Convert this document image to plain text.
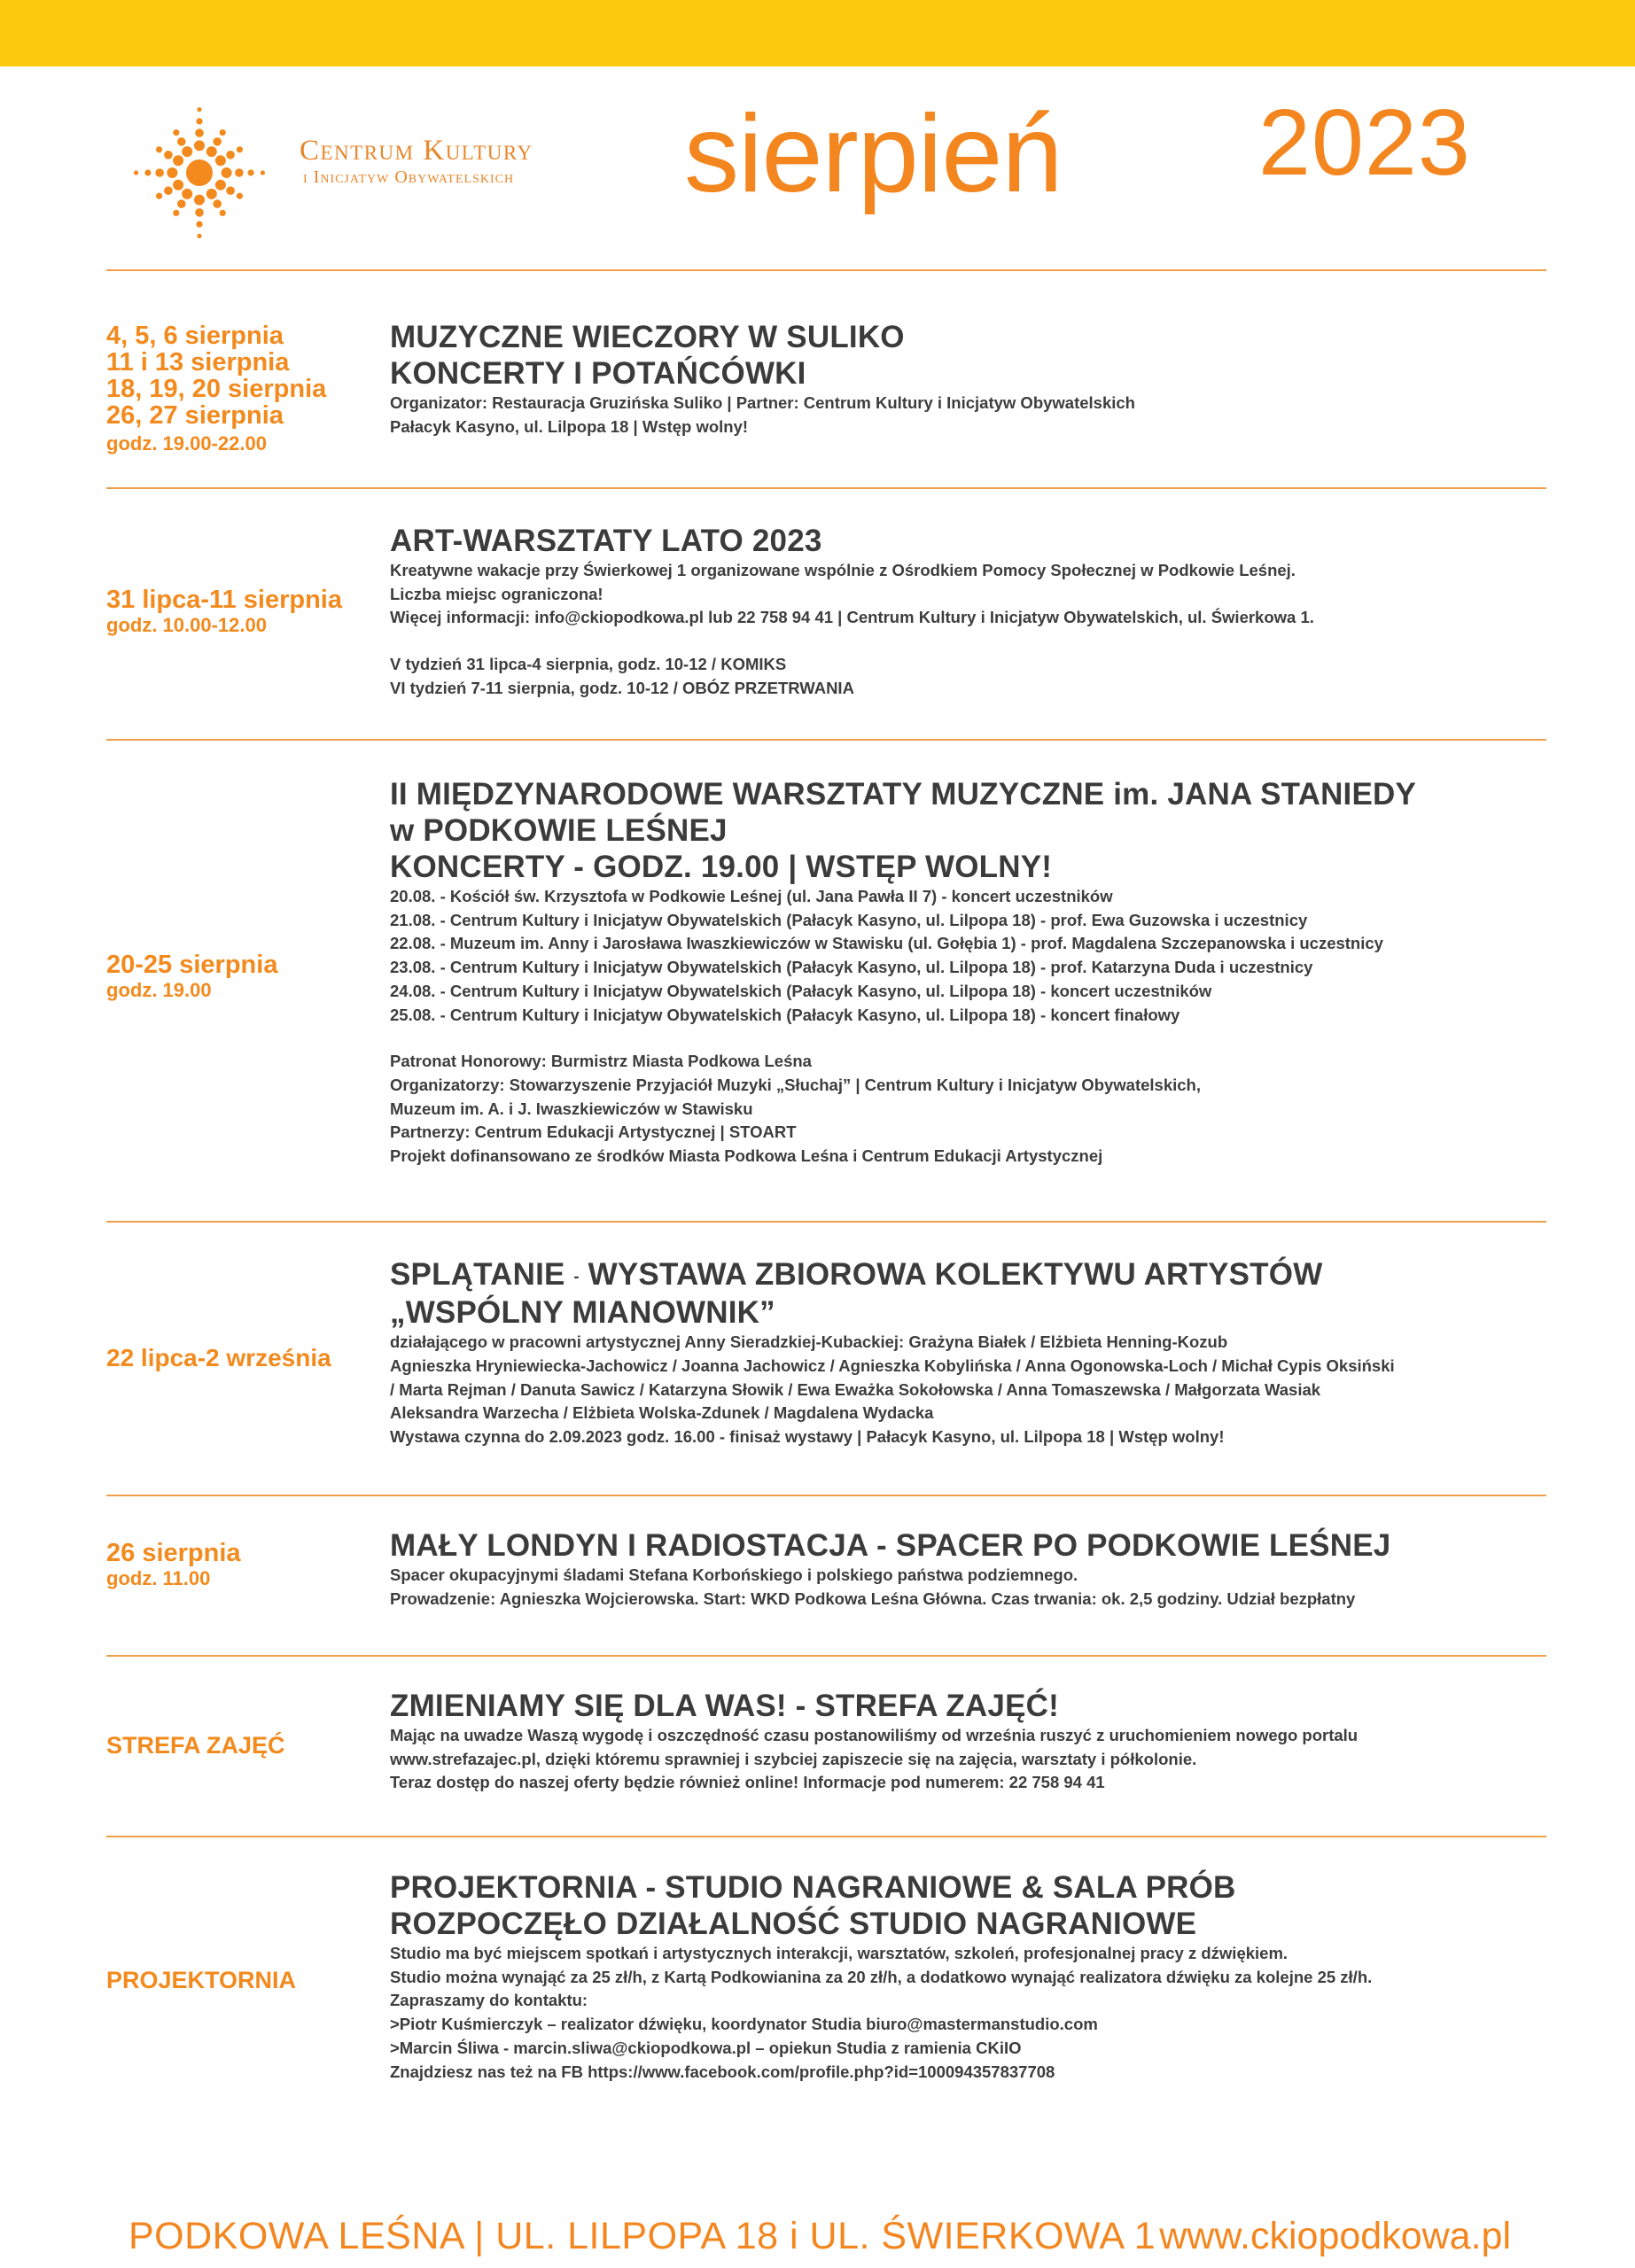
Centrum Kultury
i Inicjatyw Obywatelskich sierpień 2023
4, 5, 6 sierpnia
11 i 13 sierpnia
18, 19, 20 sierpnia
26, 27 sierpnia
godz. 19.00-22.00
MUZYCZNE WIECZORY W SULIKO
KONCERTY I POTAŃCÓWKI
Organizator: Restauracja Gruzińska Suliko | Partner: Centrum Kultury i Inicjatyw Obywatelskich
Pałacyk Kasyno, ul. Lilpopa 18 | Wstęp wolny!
31 lipca-11 sierpnia
godz. 10.00-12.00
ART-WARSZTATY LATO 2023
Kreatywne wakacje przy Świerkowej 1 organizowane wspólnie z Ośrodkiem Pomocy Społecznej w Podkowie Leśnej.
Liczba miejsc ograniczona!
Więcej informacji: info@ckiopodkowa.pl lub 22 758 94 41 | Centrum Kultury i Inicjatyw Obywatelskich, ul. Świerkowa 1.
V tydzień 31 lipca-4 sierpnia, godz. 10-12 / KOMIKS
VI tydzień 7-11 sierpnia, godz. 10-12 / OBÓZ PRZETRWANIA
20-25 sierpnia
godz. 19.00
II MIĘDZYNARODOWE WARSZTATY MUZYCZNE im. JANA STANIEDY
w PODKOWIE LEŚNEJ
KONCERTY - GODZ. 19.00 | WSTĘP WOLNY!
20.08. - Kościół św. Krzysztofa w Podkowie Leśnej (ul. Jana Pawła II 7) - koncert uczestników
21.08. - Centrum Kultury i Inicjatyw Obywatelskich (Pałacyk Kasyno, ul. Lilpopa 18) - prof. Ewa Guzowska i uczestnicy
22.08. - Muzeum im. Anny i Jarosława Iwaszkiewiczów w Stawisku (ul. Gołębia 1) - prof. Magdalena Szczepanowska i uczestnicy
23.08. - Centrum Kultury i Inicjatyw Obywatelskich (Pałacyk Kasyno, ul. Lilpopa 18) - prof. Katarzyna Duda i uczestnicy
24.08. - Centrum Kultury i Inicjatyw Obywatelskich (Pałacyk Kasyno, ul. Lilpopa 18) - koncert uczestników
25.08. - Centrum Kultury i Inicjatyw Obywatelskich (Pałacyk Kasyno, ul. Lilpopa 18) - koncert finałowy
Patronat Honorowy: Burmistrz Miasta Podkowa Leśna
Organizatorzy: Stowarzyszenie Przyjaciół Muzyki „Słuchaj” | Centrum Kultury i Inicjatyw Obywatelskich,
Muzeum im. A. i J. Iwaszkiewiczów w Stawisku
Partnerzy: Centrum Edukacji Artystycznej | STOART
Projekt dofinansowano ze środków Miasta Podkowa Leśna i Centrum Edukacji Artystycznej
22 lipca-2 września
SPLĄTANIE - WYSTAWA ZBIOROWA KOLEKTYWU ARTYSTÓW
„WSPÓLNY MIANOWNIK”
działającego w pracowni artystycznej Anny Sieradzkiej-Kubackiej: Grażyna Białek / Elżbieta Henning-Kozub
Agnieszka Hryniewiecka-Jachowicz / Joanna Jachowicz / Agnieszka Kobylińska / Anna Ogonowska-Loch / Michał Cypis Oksiński
/ Marta Rejman / Danuta Sawicz / Katarzyna Słowik / Ewa Eważka Sokołowska / Anna Tomaszewska / Małgorzata Wasiak
Aleksandra Warzecha / Elżbieta Wolska-Zdunek / Magdalena Wydacka
Wystawa czynna do 2.09.2023 godz. 16.00 - finisaż wystawy | Pałacyk Kasyno, ul. Lilpopa 18 | Wstęp wolny!
26 sierpnia
godz. 11.00
MAŁY LONDYN I RADIOSTACJA - SPACER PO PODKOWIE LEŚNEJ
Spacer okupacyjnymi śladami Stefana Korbońskiego i polskiego państwa podziemnego.
Prowadzenie: Agnieszka Wojcierowska. Start: WKD Podkowa Leśna Główna. Czas trwania: ok. 2,5 godziny. Udział bezpłatny
STREFA ZAJĘĆ
ZMIENIAMY SIĘ DLA WAS! - STREFA ZAJĘĆ!
Mając na uwadze Waszą wygodę i oszczędność czasu postanowiliśmy od września ruszyć z uruchomieniem nowego portalu
www.strefazajec.pl, dzięki któremu sprawniej i szybciej zapiszecie się na zajęcia, warsztaty i półkolonie.
Teraz dostęp do naszej oferty będzie również online! Informacje pod numerem: 22 758 94 41
PROJEKTORNIA
PROJEKTORNIA - STUDIO NAGRANIOWE & SALA PRÓB
ROZPOCZĘŁO DZIAŁALNOŚĆ STUDIO NAGRANIOWE
Studio ma być miejscem spotkań i artystycznych interakcji, warsztatów, szkoleń, profesjonalnej pracy z dźwiękiem.
Studio można wynająć za 25 zł/h, z Kartą Podkowianina za 20 zł/h, a dodatkowo wynająć realizatora dźwięku za kolejne 25 zł/h.
Zapraszamy do kontaktu:
>Piotr Kuśmierczyk – realizator dźwięku, koordynator Studia biuro@mastermanstudio.com
>Marcin Śliwa - marcin.sliwa@ckiopodkowa.pl – opiekun Studia z ramienia CKiIO
Znajdziesz nas też na FB https://www.facebook.com/profile.php?id=100094357837708
PODKOWA LEŚNA | UL. LILPOPA 18 i UL. ŚWIERKOWA 1 www.ckiopodkowa.pl
